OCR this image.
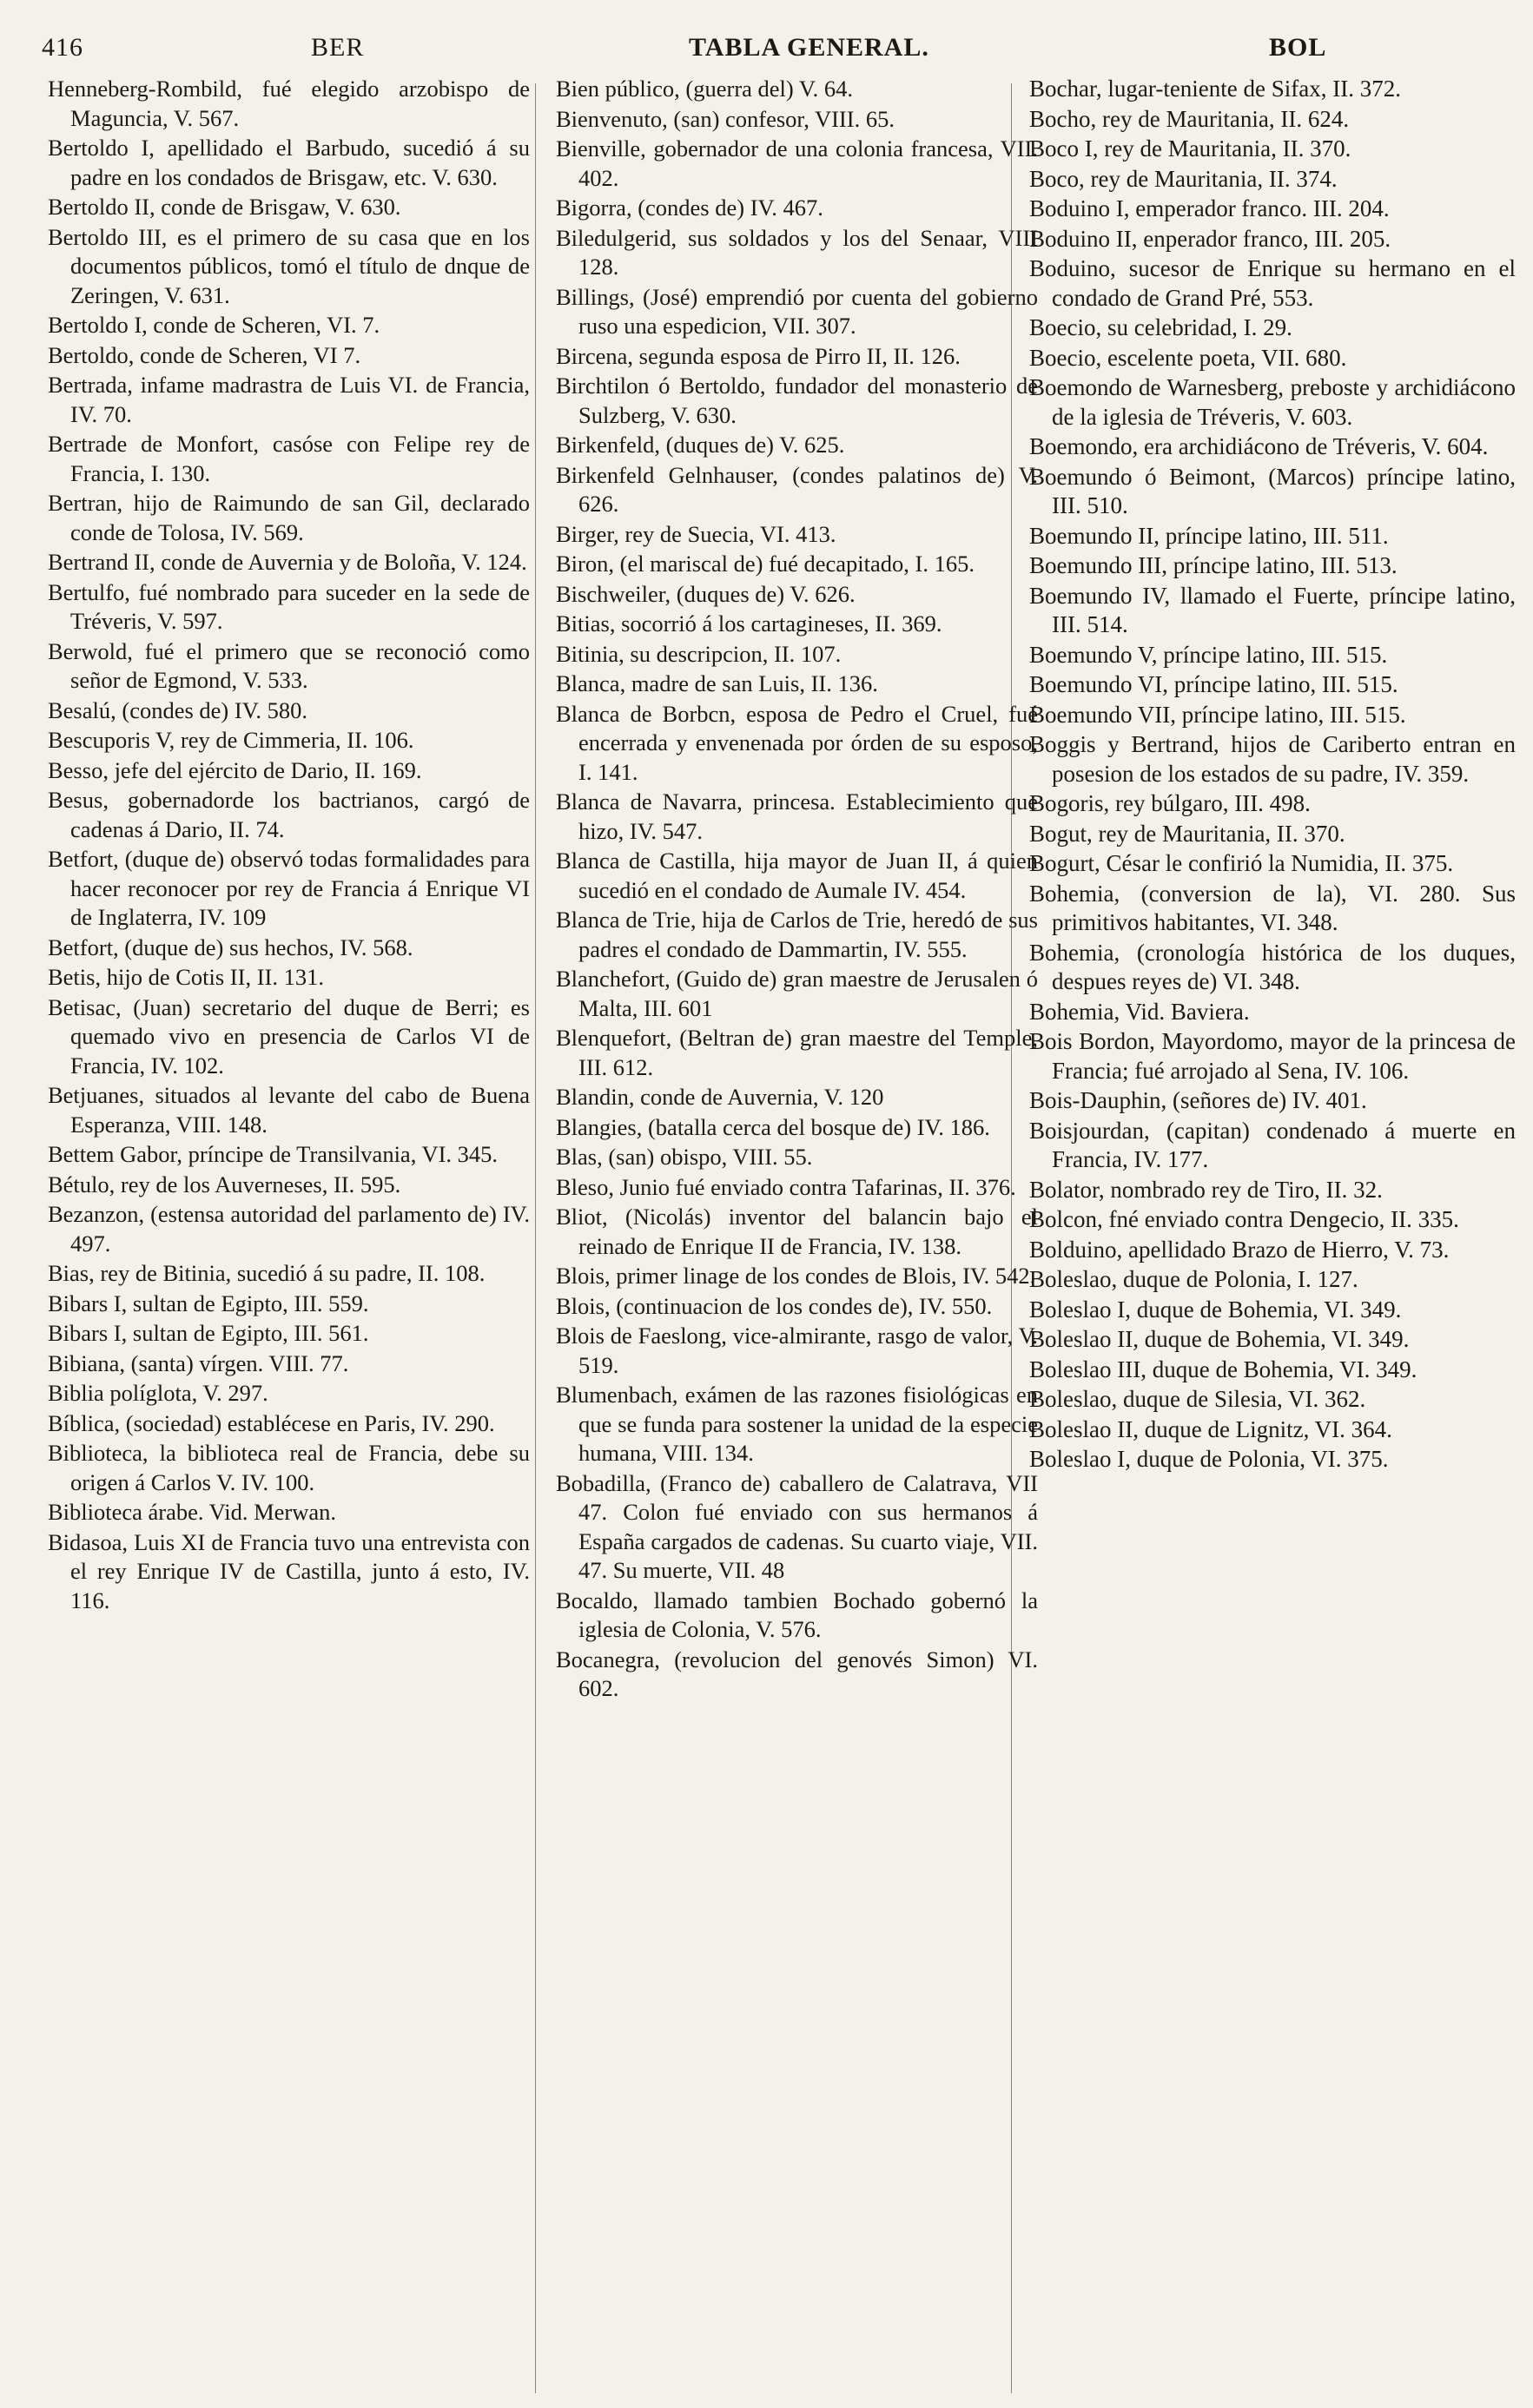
416	BER	TABLA GENERAL.	BOL

Henneberg-Rombild, fué elegido arzobispo de Maguncia, V. 567.

Bertoldo I, apellidado el Barbudo, sucedió á su padre en los condados de Brisgaw, etc. V. 630.

Bertoldo II, conde de Brisgaw, V. 630.

Bertoldo III, es el primero de su casa que en los documentos públicos, tomó el título de dnque de Zeringen, V. 631.

Bertoldo I, conde de Scheren, VI. 7.

Bertoldo, conde de Scheren, VI 7.

Bertrada, infame madrastra de Luis VI. de Francia, IV. 70.

Bertrade de Monfort, casóse con Felipe rey de Francia, I. 130.

Bertran, hijo de Raimundo de san Gil, declarado conde de Tolosa, IV. 569.

Bertrand II, conde de Auvernia y de Boloña, V. 124.

Bertulfo, fué nombrado para suceder en la sede de Tréveris, V. 597.

Berwold, fué el primero que se reconoció como señor de Egmond, V. 533.

Besalú, (condes de) IV. 580.

Bescuporis V, rey de Cimmeria, II. 106.

Besso, jefe del ejército de Dario, II. 169.

Besus, gobernadorde los bactrianos, cargó de cadenas á Dario, II. 74.

Betfort, (duque de) observó todas formalidades para hacer reconocer por rey de Francia á Enrique VI de Inglaterra, IV. 109

Betfort, (duque de) sus hechos, IV. 568.

Betis, hijo de Cotis II, II. 131.

Betisac, (Juan) secretario del duque de Berri; es quemado vivo en presencia de Carlos VI de Francia, IV. 102.

Betjuanes, situados al levante del cabo de Buena Esperanza, VIII. 148.

Bettem Gabor, príncipe de Transilvania, VI. 345.

Bétulo, rey de los Auverneses, II. 595.

Bezanzon, (estensa autoridad del parlamento de) IV. 497.

Bias, rey de Bitinia, sucedió á su padre, II. 108.

Bibars I, sultan de Egipto, III. 559.

Bibars I, sultan de Egipto, III. 561.

Bibiana, (santa) vírgen. VIII. 77.

Biblia políglota, V. 297.

Bíblica, (sociedad) establécese en Paris, IV. 290.

Biblioteca, la biblioteca real de Francia, debe su origen á Carlos V. IV. 100.

Biblioteca árabe. Vid. Merwan.

Bidasoa, Luis XI de Francia tuvo una entrevista con el rey Enrique IV de Castilla, junto á esto, IV. 116.

Bien público, (guerra del) V. 64.

Bienvenuto, (san) confesor, VIII. 65.

Bienville, gobernador de una colonia francesa, VII. 402.

Bigorra, (condes de) IV. 467.

Biledulgerid, sus soldados y los del Senaar, VIII 128.

Billings, (José) emprendió por cuenta del gobierno ruso una espedicion, VII. 307.

Bircena, segunda esposa de Pirro II, II. 126.

Birchtilon ó Bertoldo, fundador del monasterio de Sulzberg, V. 630.

Birkenfeld, (duques de) V. 625.

Birkenfeld Gelnhauser, (condes palatinos de) V. 626.

Birger, rey de Suecia, VI. 413.

Biron, (el mariscal de) fué decapitado, I. 165.

Bischweiler, (duques de) V. 626.

Bitias, socorrió á los cartagineses, II. 369.

Bitinia, su descripcion, II. 107.

Blanca, madre de san Luis, II. 136.

Blanca de Borbcn, esposa de Pedro el Cruel, fué encerrada y envenenada por órden de su esposo, I. 141.

Blanca de Navarra, princesa. Establecimiento que hizo, IV. 547.

Blanca de Castilla, hija mayor de Juan II, á quien sucedió en el condado de Aumale IV. 454.

Blanca de Trie, hija de Carlos de Trie, heredó de sus padres el condado de Dammartin, IV. 555.

Blanchefort, (Guido de) gran maestre de Jerusalen ó Malta, III. 601

Blenquefort, (Beltran de) gran maestre del Temple, III. 612.

Blandin, conde de Auvernia, V. 120

Blangies, (batalla cerca del bosque de) IV. 186.

Blas, (san) obispo, VIII. 55.

Bleso, Junio fué enviado contra Tafarinas, II. 376.

Bliot, (Nicolás) inventor del balancin bajo el reinado de Enrique II de Francia, IV. 138.

Blois, primer linage de los condes de Blois, IV. 542.

Blois, (continuacion de los condes de), IV. 550.

Blois de Faeslong, vice-almirante, rasgo de valor, V. 519.

Blumenbach, exámen de las razones fisiológicas en que se funda para sostener la unidad de la especie humana, VIII. 134.

Bobadilla, (Franco de) caballero de Calatrava, VII 47. Colon fué enviado con sus hermanos á España cargados de cadenas. Su cuarto viaje, VII. 47. Su muerte, VII. 48

Bocaldo, llamado tambien Bochado gobernó la iglesia de Colonia, V. 576.

Bocanegra, (revolucion del genovés Simon) VI. 602.

Bochar, lugar-teniente de Sifax, II. 372.

Bocho, rey de Mauritania, II. 624.

Boco I, rey de Mauritania, II. 370.

Boco, rey de Mauritania, II. 374.

Boduino I, emperador franco. III. 204.

Boduino II, enperador franco, III. 205.

Boduino, sucesor de Enrique su hermano en el condado de Grand Pré, 553.

Boecio, su celebridad, I. 29.

Boecio, escelente poeta, VII. 680.

Boemondo de Warnesberg, preboste y archidiácono de la iglesia de Tréveris, V. 603.

Boemondo, era archidiácono de Tréveris, V. 604.

Boemundo ó Beimont, (Marcos) príncipe latino, III. 510.

Boemundo II, príncipe latino, III. 511.

Boemundo III, príncipe latino, III. 513.

Boemundo IV, llamado el Fuerte, príncipe latino, III. 514.

Boemundo V, príncipe latino, III. 515.

Boemundo VI, príncipe latino, III. 515.

Boemundo VII, príncipe latino, III. 515.

Boggis y Bertrand, hijos de Cariberto entran en posesion de los estados de su padre, IV. 359.

Bogoris, rey búlgaro, III. 498.

Bogut, rey de Mauritania, II. 370.

Bogurt, César le confirió la Numidia, II. 375.

Bohemia, (conversion de la), VI. 280. Sus primitivos habitantes, VI. 348.

Bohemia, (cronología histórica de los duques, despues reyes de) VI. 348.

Bohemia, Vid. Baviera.

Bois Bordon, Mayordomo, mayor de la princesa de Francia; fué arrojado al Sena, IV. 106.

Bois-Dauphin, (señores de) IV. 401.

Boisjourdan, (capitan) condenado á muerte en Francia, IV. 177.

Bolator, nombrado rey de Tiro, II. 32.

Bolcon, fné enviado contra Dengecio, II. 335.

Bolduino, apellidado Brazo de Hierro, V. 73.

Boleslao, duque de Polonia, I. 127.

Boleslao I, duque de Bohemia, VI. 349.

Boleslao II, duque de Bohemia, VI. 349.

Boleslao III, duque de Bohemia, VI. 349.

Boleslao, duque de Silesia, VI. 362.

Boleslao II, duque de Lignitz, VI. 364.

Boleslao I, duque de Polonia, VI. 375.
